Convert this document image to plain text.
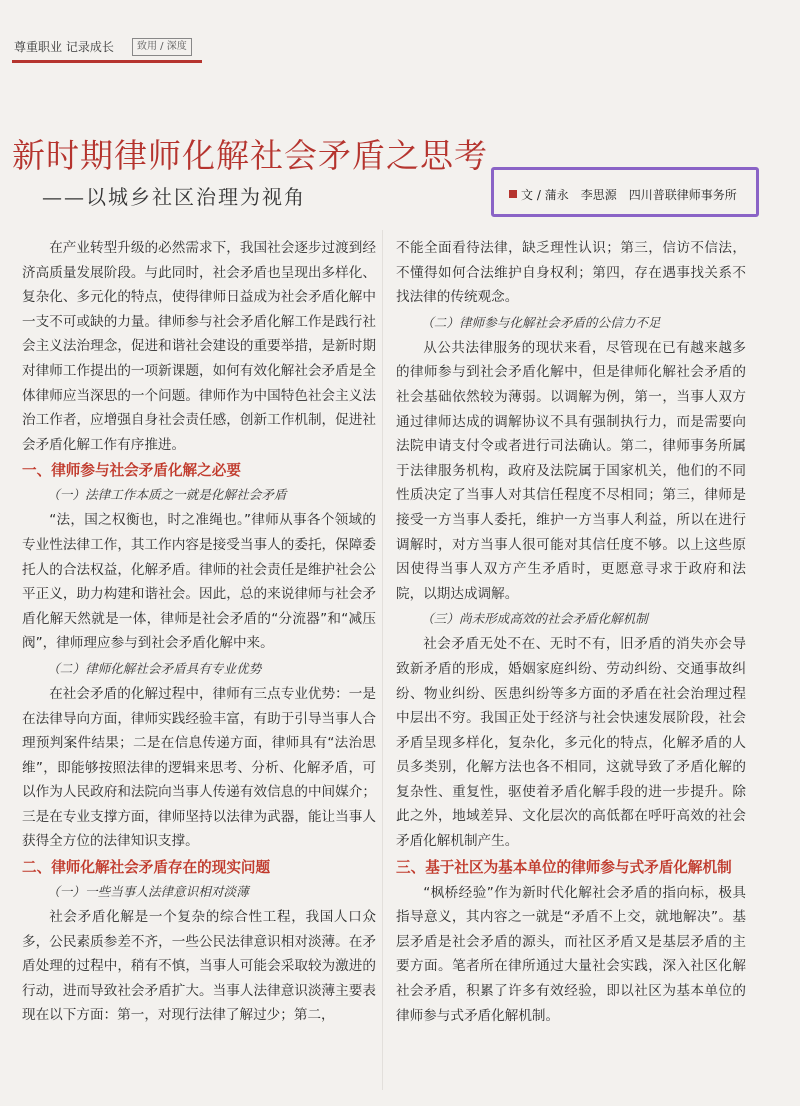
尊重职业 记录成长	致用 / 深度
新时期律师化解社会矛盾之思考
——以城乡社区治理为视角	文 / 蒲永 李思源 四川普联律师事务所

在产业转型升级的必然需求下，我国社会逐步过渡到经济高质量发展阶段。与此同时，社会矛盾也呈现出多样化、复杂化、多元化的特点，使得律师日益成为社会矛盾化解中一支不可或缺的力量。律师参与社会矛盾化解工作是践行社会主义法治理念，促进和谐社会建设的重要举措，是新时期对律师工作提出的一项新课题，如何有效化解社会矛盾是全体律师应当深思的一个问题。律师作为中国特色社会主义法治工作者，应增强自身社会责任感，创新工作机制，促进社会矛盾化解工作有序推进。

一、律师参与社会矛盾化解之必要
（一）法律工作本质之一就是化解社会矛盾

“法，国之权衡也，时之准绳也。”律师从事各个领域的专业性法律工作，其工作内容是接受当事人的委托，保障委托人的合法权益，化解矛盾。律师的社会责任是维护社会公平正义，助力构建和谐社会。因此，总的来说律师与社会矛盾化解天然就是一体，律师是社会矛盾的“分流器”和“减压阀”，律师理应参与到社会矛盾化解中来。

（二）律师化解社会矛盾具有专业优势

在社会矛盾的化解过程中，律师有三点专业优势：一是在法律导向方面，律师实践经验丰富，有助于引导当事人合理预判案件结果；二是在信息传递方面，律师具有“法治思维”，即能够按照法律的逻辑来思考、分析、化解矛盾，可以作为人民政府和法院向当事人传递有效信息的中间媒介；三是在专业支撑方面，律师坚持以法律为武器，能让当事人获得全方位的法律知识支撑。

二、律师化解社会矛盾存在的现实问题
（一）一些当事人法律意识相对淡薄

社会矛盾化解是一个复杂的综合性工程，我国人口众多，公民素质参差不齐，一些公民法律意识相对淡薄。在矛盾处理的过程中，稍有不慎，当事人可能会采取较为激进的行动，进而导致社会矛盾扩大。当事人法律意识淡薄主要表现在以下方面：第一，对现行法律了解过少；第二，

不能全面看待法律，缺乏理性认识；第三，信访不信法，不懂得如何合法维护自身权利；第四，存在遇事找关系不找法律的传统观念。

（二）律师参与化解社会矛盾的公信力不足

从公共法律服务的现状来看，尽管现在已有越来越多的律师参与到社会矛盾化解中，但是律师化解社会矛盾的社会基础依然较为薄弱。以调解为例，第一，当事人双方通过律师达成的调解协议不具有强制执行力，而是需要向法院申请支付令或者进行司法确认。第二，律师事务所属于法律服务机构，政府及法院属于国家机关，他们的不同性质决定了当事人对其信任程度不尽相同；第三，律师是接受一方当事人委托，维护一方当事人利益，所以在进行调解时，对方当事人很可能对其信任度不够。以上这些原因使得当事人双方产生矛盾时，更愿意寻求于政府和法院，以期达成调解。

（三）尚未形成高效的社会矛盾化解机制

社会矛盾无处不在、无时不有，旧矛盾的消失亦会导致新矛盾的形成，婚姻家庭纠纷、劳动纠纷、交通事故纠纷、物业纠纷、医患纠纷等多方面的矛盾在社会治理过程中层出不穷。我国正处于经济与社会快速发展阶段，社会矛盾呈现多样化，复杂化，多元化的特点，化解矛盾的人员多类别，化解方法也各不相同，这就导致了矛盾化解的复杂性、重复性，驱使着矛盾化解手段的进一步提升。除此之外，地域差异、文化层次的高低都在呼吁高效的社会矛盾化解机制产生。

三、基于社区为基本单位的律师参与式矛盾化解机制

“枫桥经验”作为新时代化解社会矛盾的指向标，极具指导意义，其内容之一就是“矛盾不上交，就地解决”。基层矛盾是社会矛盾的源头，而社区矛盾又是基层矛盾的主要方面。笔者所在律所通过大量社会实践，深入社区化解社会矛盾，积累了许多有效经验，即以社区为基本单位的律师参与式矛盾化解机制。
